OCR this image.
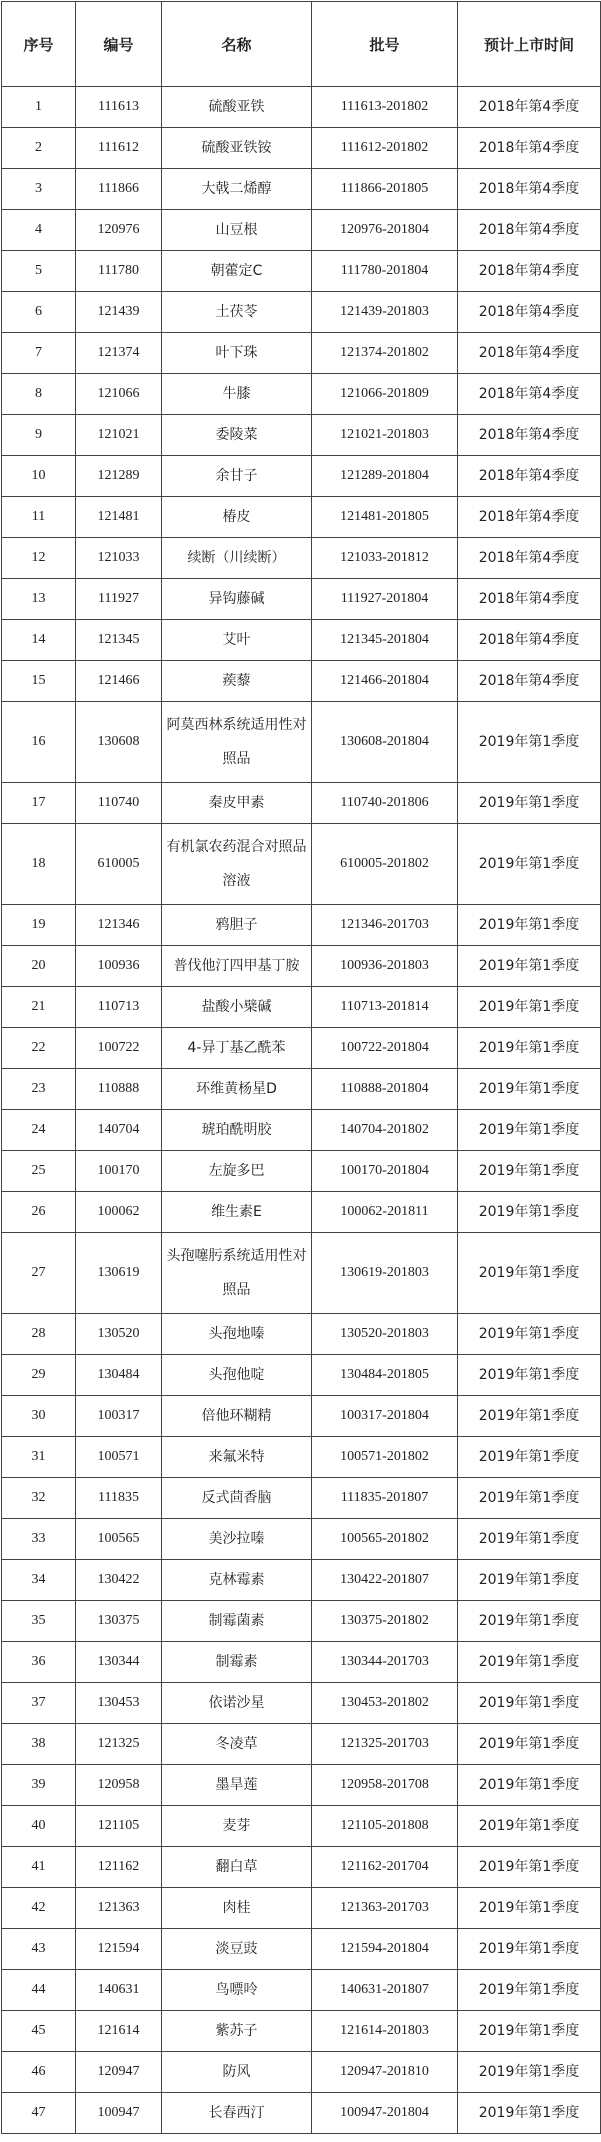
序号	编号	名称	批号	预计上市时间
1	111613	硫酸亚铁	111613-201802	2018年第4季度
2	111612	硫酸亚铁铵	111612-201802	2018年第4季度
3	111866	大戟二烯醇	111866-201805	2018年第4季度
4	120976	山豆根	120976-201804	2018年第4季度
5	111780	朝藿定C	111780-201804	2018年第4季度
6	121439	土茯苓	121439-201803	2018年第4季度
7	121374	叶下珠	121374-201802	2018年第4季度
8	121066	牛膝	121066-201809	2018年第4季度
9	121021	委陵菜	121021-201803	2018年第4季度
10	121289	余甘子	121289-201804	2018年第4季度
11	121481	椿皮	121481-201805	2018年第4季度
12	121033	续断（川续断）	121033-201812	2018年第4季度
13	111927	异钩藤碱	111927-201804	2018年第4季度
14	121345	艾叶	121345-201804	2018年第4季度
15	121466	蒺藜	121466-201804	2018年第4季度
16	130608	阿莫西林系统适用性对照品	130608-201804	2019年第1季度
17	110740	秦皮甲素	110740-201806	2019年第1季度
18	610005	有机氯农药混合对照品溶液	610005-201802	2019年第1季度
19	121346	鸦胆子	121346-201703	2019年第1季度
20	100936	普伐他汀四甲基丁胺	100936-201803	2019年第1季度
21	110713	盐酸小檗碱	110713-201814	2019年第1季度
22	100722	4-异丁基乙酰苯	100722-201804	2019年第1季度
23	110888	环维黄杨星D	110888-201804	2019年第1季度
24	140704	琥珀酰明胶	140704-201802	2019年第1季度
25	100170	左旋多巴	100170-201804	2019年第1季度
26	100062	维生素E	100062-201811	2019年第1季度
27	130619	头孢噻肟系统适用性对照品	130619-201803	2019年第1季度
28	130520	头孢地嗪	130520-201803	2019年第1季度
29	130484	头孢他啶	130484-201805	2019年第1季度
30	100317	倍他环糊精	100317-201804	2019年第1季度
31	100571	来氟米特	100571-201802	2019年第1季度
32	111835	反式茴香脑	111835-201807	2019年第1季度
33	100565	美沙拉嗪	100565-201802	2019年第1季度
34	130422	克林霉素	130422-201807	2019年第1季度
35	130375	制霉菌素	130375-201802	2019年第1季度
36	130344	制霉素	130344-201703	2019年第1季度
37	130453	依诺沙星	130453-201802	2019年第1季度
38	121325	冬凌草	121325-201703	2019年第1季度
39	120958	墨旱莲	120958-201708	2019年第1季度
40	121105	麦芽	121105-201808	2019年第1季度
41	121162	翻白草	121162-201704	2019年第1季度
42	121363	肉桂	121363-201703	2019年第1季度
43	121594	淡豆豉	121594-201804	2019年第1季度
44	140631	鸟嘌呤	140631-201807	2019年第1季度
45	121614	紫苏子	121614-201803	2019年第1季度
46	120947	防风	120947-201810	2019年第1季度
47	100947	长春西汀	100947-201804	2019年第1季度
